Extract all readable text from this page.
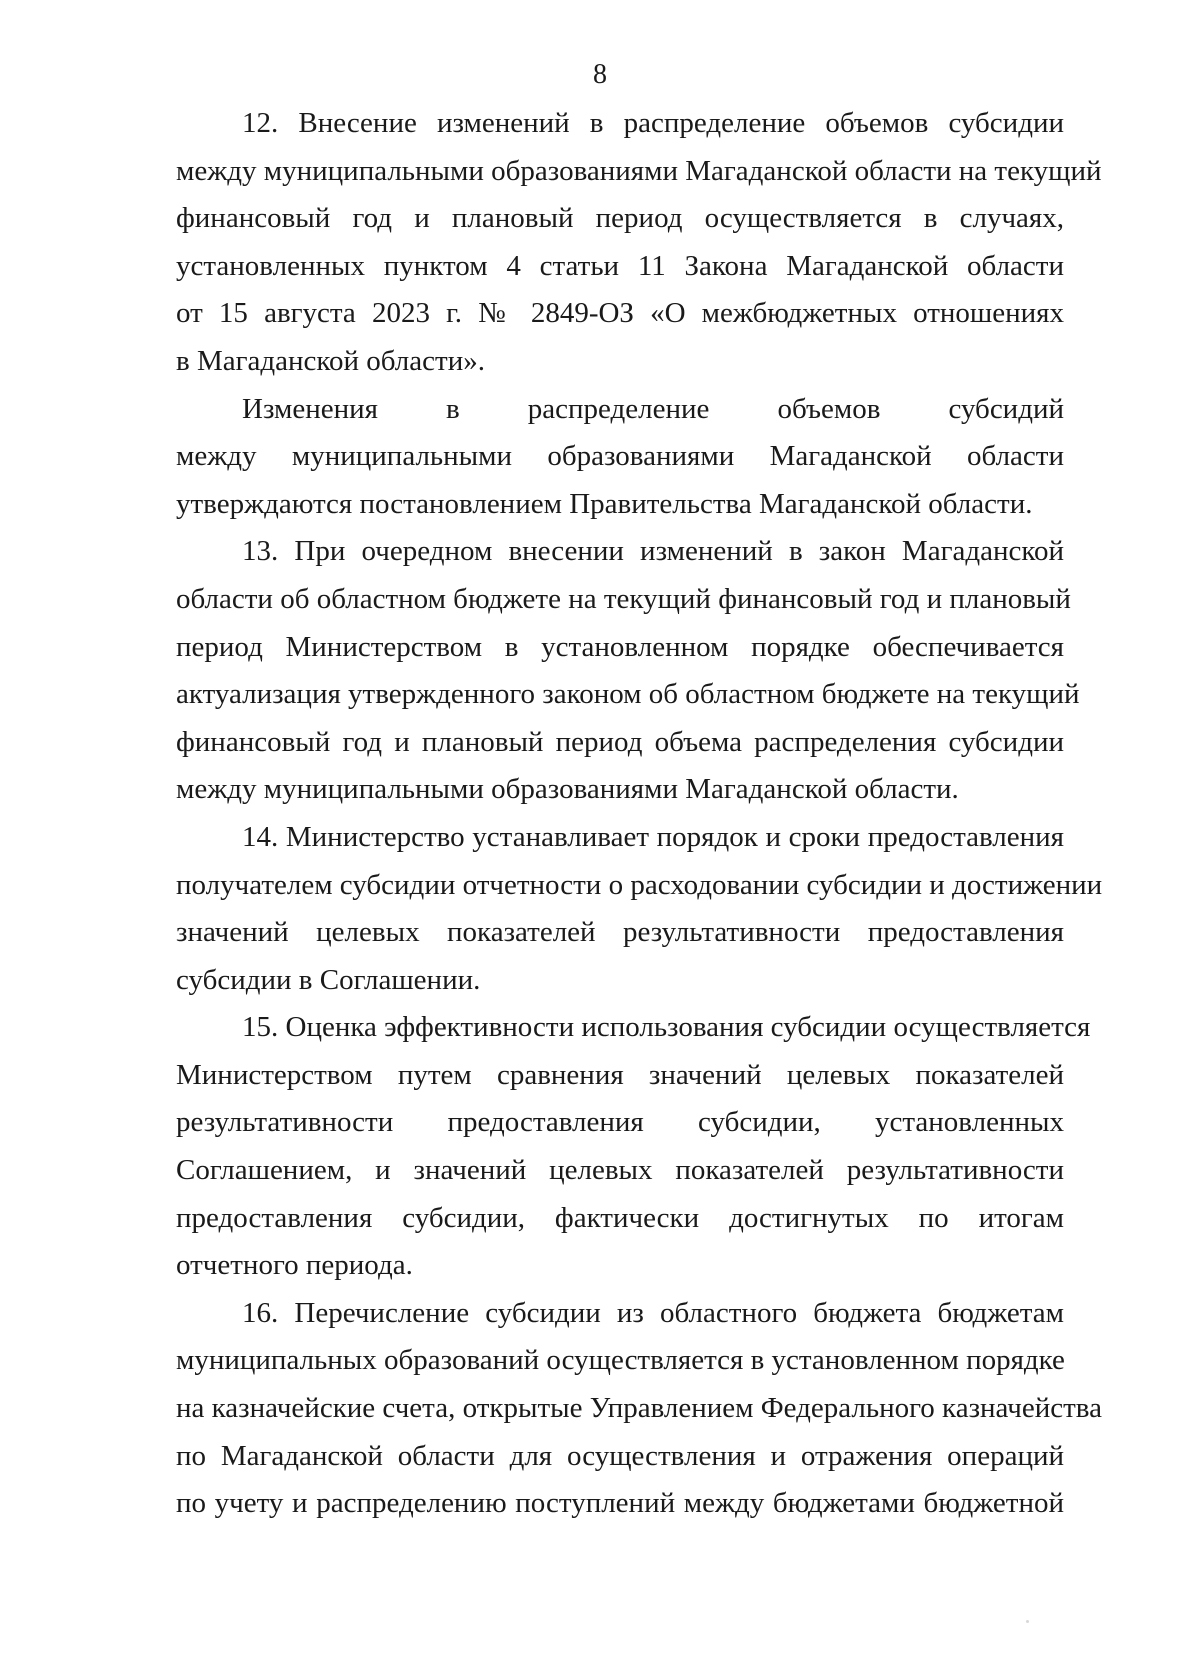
8
12. Внесение изменений в распределение объемов субсидии
между муниципальными образованиями Магаданской области на текущий
финансовый год и плановый период осуществляется в случаях,
установленных пунктом 4 статьи 11 Закона Магаданской области
от 15 августа 2023 г. № 2849-ОЗ «О межбюджетных отношениях
в Магаданской области».
Изменения в распределение объемов субсидий
между муниципальными образованиями Магаданской области
утверждаются постановлением Правительства Магаданской области.
13. При очередном внесении изменений в закон Магаданской
области об областном бюджете на текущий финансовый год и плановый
период Министерством в установленном порядке обеспечивается
актуализация утвержденного законом об областном бюджете на текущий
финансовый год и плановый период объема распределения субсидии
между муниципальными образованиями Магаданской области.
14. Министерство устанавливает порядок и сроки предоставления
получателем субсидии отчетности о расходовании субсидии и достижении
значений целевых показателей результативности предоставления
субсидии в Соглашении.
15. Оценка эффективности использования субсидии осуществляется
Министерством путем сравнения значений целевых показателей
результативности предоставления субсидии, установленных
Соглашением, и значений целевых показателей результативности
предоставления субсидии, фактически достигнутых по итогам
отчетного периода.
16. Перечисление субсидии из областного бюджета бюджетам
муниципальных образований осуществляется в установленном порядке
на казначейские счета, открытые Управлением Федерального казначейства
по Магаданской области для осуществления и отражения операций
по учету и распределению поступлений между бюджетами бюджетной
